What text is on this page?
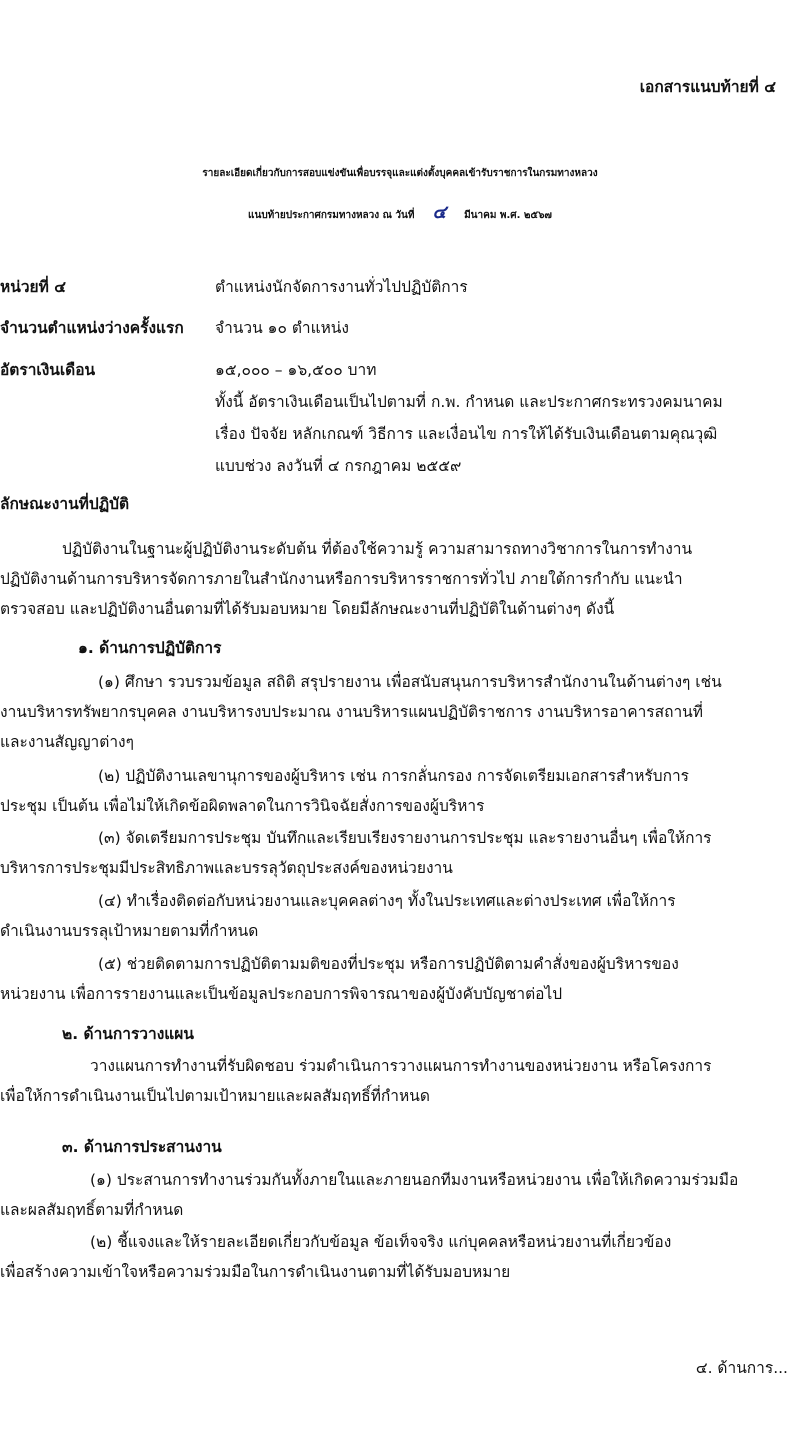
เอกสารแนบท้ายที่ ๔
รายละเอียดเกี่ยวกับการสอบแข่งขันเพื่อบรรจุและแต่งตั้งบุคคลเข้ารับราชการในกรมทางหลวง
แนบท้ายประกาศกรมทางหลวง ณ วันที่ ๔ มีนาคม พ.ศ. ๒๕๖๗
หน่วยที่ ๔	ตำแหน่งนักจัดการงานทั่วไปปฏิบัติการ
จำนวนตำแหน่งว่างครั้งแรก จำนวน ๑๐ ตำแหน่ง
อัตราเงินเดือน	๑๕,๐๐๐ – ๑๖,๕๐๐ บาท
ทั้งนี้ อัตราเงินเดือนเป็นไปตามที่ ก.พ. กำหนด และประกาศกระทรวงคมนาคม
เรื่อง ปัจจัย หลักเกณฑ์ วิธีการ และเงื่อนไข การให้ได้รับเงินเดือนตามคุณวุฒิ
แบบช่วง ลงวันที่ ๔ กรกฎาคม ๒๕๕๙
ลักษณะงานที่ปฏิบัติ
ปฏิบัติงานในฐานะผู้ปฏิบัติงานระดับต้น ที่ต้องใช้ความรู้ ความสามารถทางวิชาการในการทำงาน
ปฏิบัติงานด้านการบริหารจัดการภายในสำนักงานหรือการบริหารราชการทั่วไป ภายใต้การกำกับ แนะนำ
ตรวจสอบ และปฏิบัติงานอื่นตามที่ได้รับมอบหมาย โดยมีลักษณะงานที่ปฏิบัติในด้านต่างๆ ดังนี้
๑. ด้านการปฏิบัติการ
(๑) ศึกษา รวบรวมข้อมูล สถิติ สรุปรายงาน เพื่อสนับสนุนการบริหารสำนักงานในด้านต่างๆ เช่น
งานบริหารทรัพยากรบุคคล งานบริหารงบประมาณ งานบริหารแผนปฏิบัติราชการ งานบริหารอาคารสถานที่
และงานสัญญาต่างๆ
(๒) ปฏิบัติงานเลขานุการของผู้บริหาร เช่น การกลั่นกรอง การจัดเตรียมเอกสารสำหรับการ
ประชุม เป็นต้น เพื่อไม่ให้เกิดข้อผิดพลาดในการวินิจฉัยสั่งการของผู้บริหาร
(๓) จัดเตรียมการประชุม บันทึกและเรียบเรียงรายงานการประชุม และรายงานอื่นๆ เพื่อให้การ
บริหารการประชุมมีประสิทธิภาพและบรรลุวัตถุประสงค์ของหน่วยงาน
(๔) ทำเรื่องติดต่อกับหน่วยงานและบุคคลต่างๆ ทั้งในประเทศและต่างประเทศ เพื่อให้การ
ดำเนินงานบรรลุเป้าหมายตามที่กำหนด
(๕) ช่วยติดตามการปฏิบัติตามมติของที่ประชุม หรือการปฏิบัติตามคำสั่งของผู้บริหารของ
หน่วยงาน เพื่อการรายงานและเป็นข้อมูลประกอบการพิจารณาของผู้บังคับบัญชาต่อไป
๒. ด้านการวางแผน
วางแผนการทำงานที่รับผิดชอบ ร่วมดำเนินการวางแผนการทำงานของหน่วยงาน หรือโครงการ
เพื่อให้การดำเนินงานเป็นไปตามเป้าหมายและผลสัมฤทธิ์ที่กำหนด
๓. ด้านการประสานงาน
(๑) ประสานการทำงานร่วมกันทั้งภายในและภายนอกทีมงานหรือหน่วยงาน เพื่อให้เกิดความร่วมมือ
และผลสัมฤทธิ์ตามที่กำหนด
(๒) ชี้แจงและให้รายละเอียดเกี่ยวกับข้อมูล ข้อเท็จจริง แก่บุคคลหรือหน่วยงานที่เกี่ยวข้อง
เพื่อสร้างความเข้าใจหรือความร่วมมือในการดำเนินงานตามที่ได้รับมอบหมาย
๔. ด้านการ...
